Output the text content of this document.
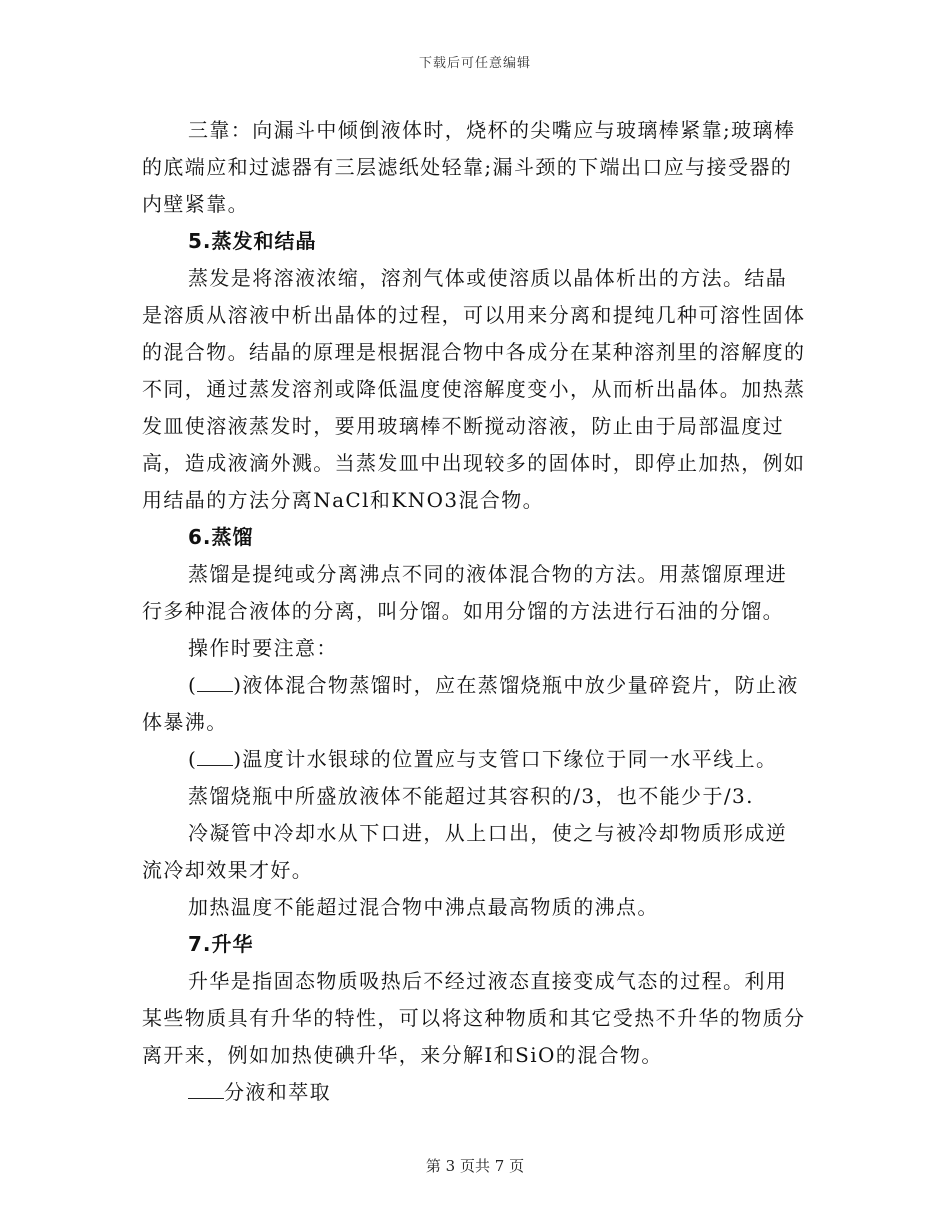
下载后可任意编辑

三靠：向漏斗中倾倒液体时，烧杯的尖嘴应与玻璃棒紧靠;玻璃棒的底端应和过滤器有三层滤纸处轻靠;漏斗颈的下端出口应与接受器的内壁紧靠。

5.蒸发和结晶

蒸发是将溶液浓缩，溶剂气体或使溶质以晶体析出的方法。结晶是溶质从溶液中析出晶体的过程，可以用来分离和提纯几种可溶性固体的混合物。结晶的原理是根据混合物中各成分在某种溶剂里的溶解度的不同，通过蒸发溶剂或降低温度使溶解度变小，从而析出晶体。加热蒸发皿使溶液蒸发时，要用玻璃棒不断搅动溶液，防止由于局部温度过高，造成液滴外溅。当蒸发皿中出现较多的固体时，即停止加热，例如用结晶的方法分离NaCl和KNO3混合物。

6.蒸馏

蒸馏是提纯或分离沸点不同的液体混合物的方法。用蒸馏原理进行多种混合液体的分离，叫分馏。如用分馏的方法进行石油的分馏。

操作时要注意：

( )液体混合物蒸馏时，应在蒸馏烧瓶中放少量碎瓷片，防止液体暴沸。

( )温度计水银球的位置应与支管口下缘位于同一水平线上。

蒸馏烧瓶中所盛放液体不能超过其容积的/3，也不能少于/3.

冷凝管中冷却水从下口进，从上口出，使之与被冷却物质形成逆流冷却效果才好。

加热温度不能超过混合物中沸点最高物质的沸点。

7.升华

升华是指固态物质吸热后不经过液态直接变成气态的过程。利用某些物质具有升华的特性，可以将这种物质和其它受热不升华的物质分离开来，例如加热使碘升华，来分解I和SiO的混合物。

分液和萃取

第 3 页共 7 页
